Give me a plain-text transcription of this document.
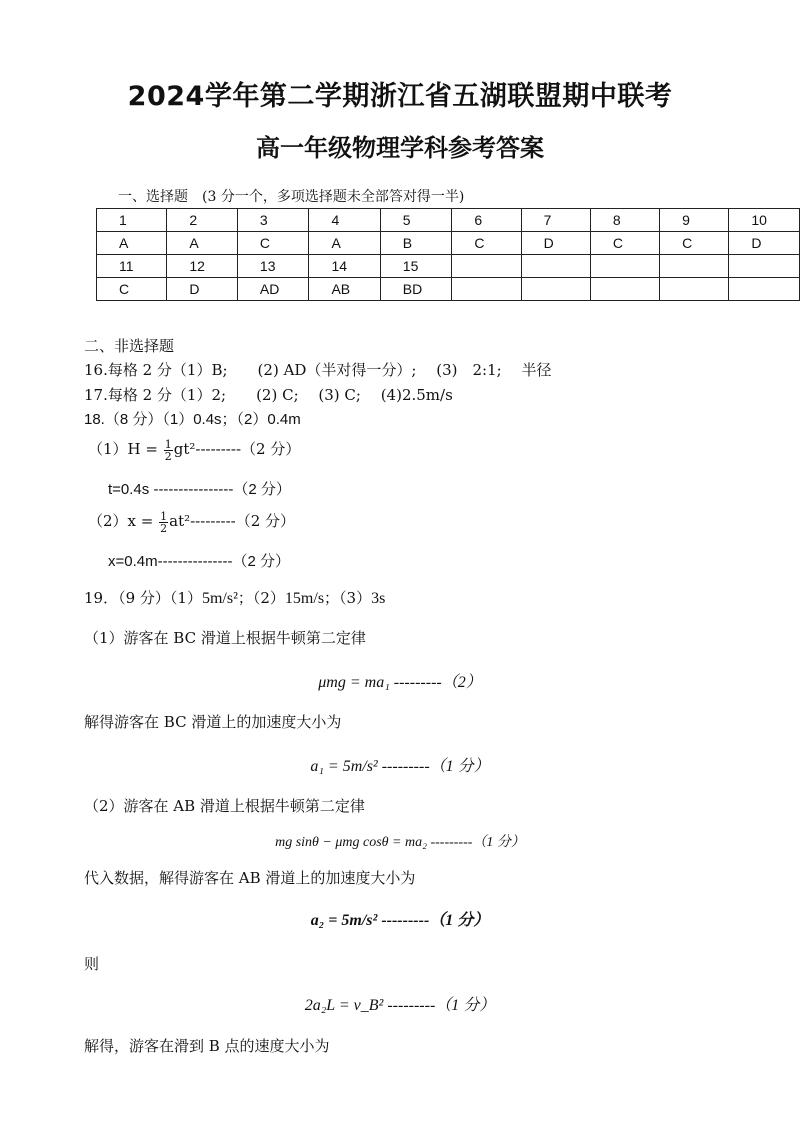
2024学年第二学期浙江省五湖联盟期中联考
高一年级物理学科参考答案
一、选择题　(3 分一个，多项选择题未全部答对得一半)
1	2	3	4	5	6	7	8	9	10
A	A	C	A	B	C	D	C	C	D
11	12	13	14	15					
C	D	AD	AB	BD					
二、非选择题
16.每格 2 分（1）B;　　(2) AD（半对得一分）;　 (3)　2:1;　 半径
17.每格 2 分（1）2;　　(2) C;　 (3) C;　 (4)2.5m/s
18.（8 分）（1）0.4s；（2）0.4m
$(1)H = \frac{1}{2} gt^2---------(2$ 分）
t=0.4s ----------------（2 分）
$(2)x = \frac{1}{2} at^2---------(2$ 分）
x=0.4m---------------（2 分）
19．（9 分）（1）5m/s²；（2）15m/s；（3）3s
（1）游客在 BC 滑道上根据牛顿第二定律
μmg = ma₁ ---------（2）
解得游客在 BC 滑道上的加速度大小为
a₁ = 5m/s² ---------（1 分）
（2）游客在 AB 滑道上根据牛顿第二定律
mg sinθ − μmg cosθ = ma₂ ---------（1 分）
代入数据，解得游客在 AB 滑道上的加速度大小为
a₂ = 5m/s² ---------（1 分）
则
2a₂L = v_B² ---------（1 分）
解得，游客在滑到 B 点的速度大小为
